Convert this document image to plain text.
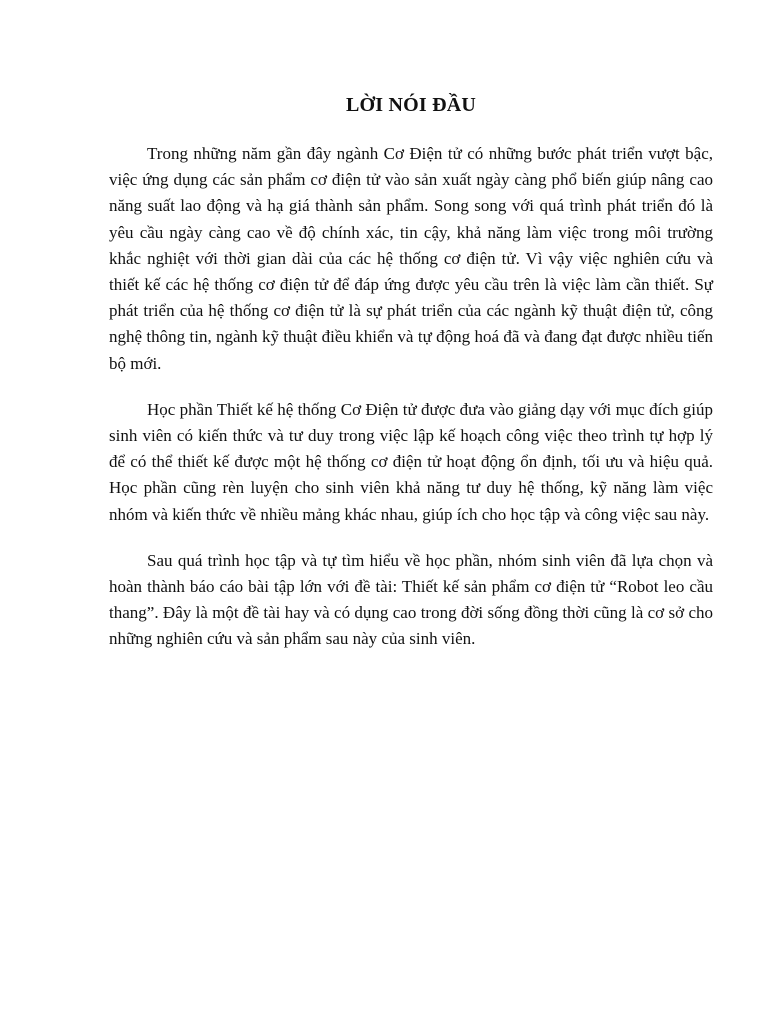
LỜI NÓI ĐẦU

Trong những năm gần đây ngành Cơ Điện tử có những bước phát triển vượt bậc, việc ứng dụng các sản phẩm cơ điện tử vào sản xuất ngày càng phổ biến giúp nâng cao năng suất lao động và hạ giá thành sản phẩm. Song song với quá trình phát triển đó là yêu cầu ngày càng cao về độ chính xác, tin cậy, khả năng làm việc trong môi trường khắc nghiệt với thời gian dài của các hệ thống cơ điện tử. Vì vậy việc nghiên cứu và thiết kế các hệ thống cơ điện tử để đáp ứng được yêu cầu trên là việc làm cần thiết. Sự phát triển của hệ thống cơ điện tử là sự phát triển của các ngành kỹ thuật điện tử, công nghệ thông tin, ngành kỹ thuật điều khiển và tự động hoá đã và đang đạt được nhiều tiến bộ mới.

Học phần Thiết kế hệ thống Cơ Điện tử được đưa vào giảng dạy với mục đích giúp sinh viên có kiến thức và tư duy trong việc lập kế hoạch công việc theo trình tự hợp lý để có thể thiết kế được một hệ thống cơ điện tử hoạt động ổn định, tối ưu và hiệu quả. Học phần cũng rèn luyện cho sinh viên khả năng tư duy hệ thống, kỹ năng làm việc nhóm và kiến thức về nhiều mảng khác nhau, giúp ích cho học tập và công việc sau này.

Sau quá trình học tập và tự tìm hiểu về học phần, nhóm sinh viên đã lựa chọn và hoàn thành báo cáo bài tập lớn với đề tài: Thiết kế sản phẩm cơ điện tử “Robot leo cầu thang”. Đây là một đề tài hay và có dụng cao trong đời sống đồng thời cũng là cơ sở cho những nghiên cứu và sản phẩm sau này của sinh viên.
